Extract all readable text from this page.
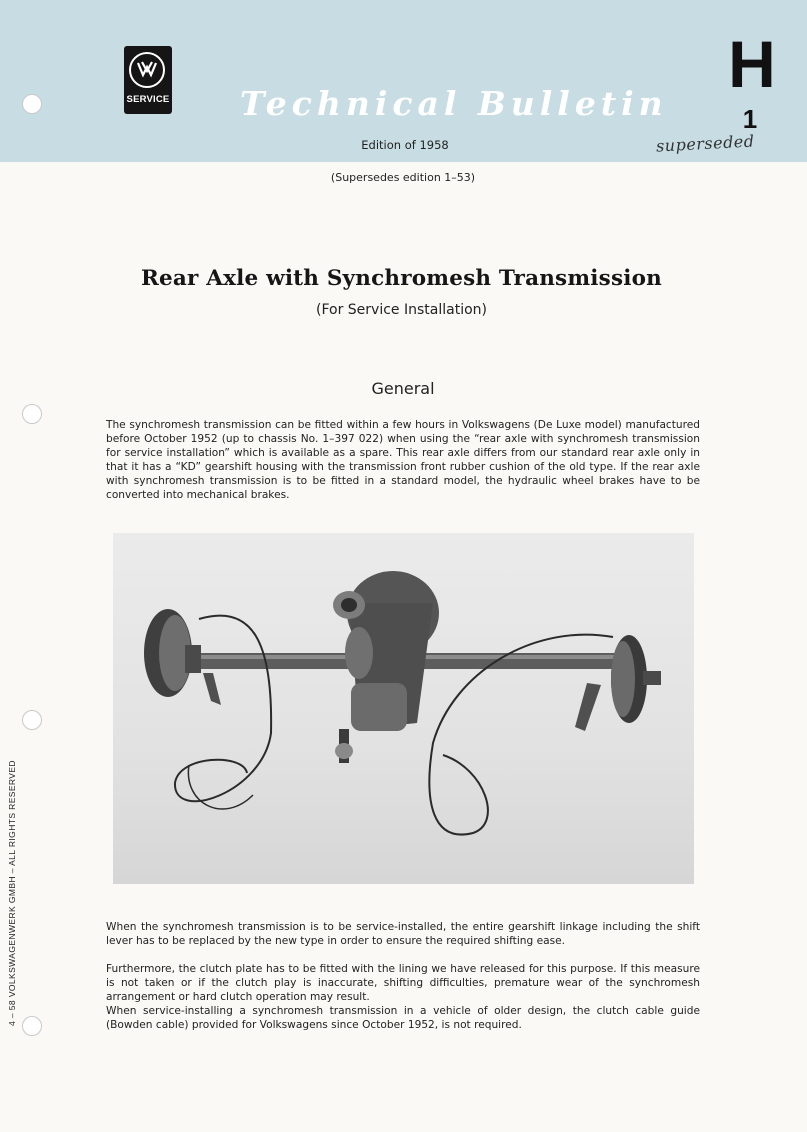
SERVICE Technical Bulletin
Edition of 1958
H
1
superseded
(Supersedes edition 1–53)
Rear Axle with Synchromesh Transmission
(For Service Installation)
General

The synchromesh transmission can be fitted within a few hours in Volkswagens (De Luxe model) manufactured before October 1952 (up to chassis No. 1–397 022) when using the “rear axle with synchromesh transmission for service installation” which is available as a spare. This rear axle differs from our standard rear axle only in that it has a “KD” gearshift housing with the transmission front rubber cushion of the old type. If the rear axle with synchromesh transmission is to be fitted in a standard model, the hydraulic wheel brakes have to be converted into mechanical brakes.

When the synchromesh transmission is to be service-installed, the entire gearshift linkage including the shift lever has to be replaced by the new type in order to ensure the required shifting ease.

Furthermore, the clutch plate has to be fitted with the lining we have released for this purpose. If this measure is not taken or if the clutch play is inaccurate, shifting difficulties, premature wear of the synchromesh arrangement or hard clutch operation may result.

When service-installing a synchromesh transmission in a vehicle of older design, the clutch cable guide (Bowden cable) provided for Volkswagens since October 1952, is not required.

4 – 58 VOLKSWAGENWERK GMBH – ALL RIGHTS RESERVED
